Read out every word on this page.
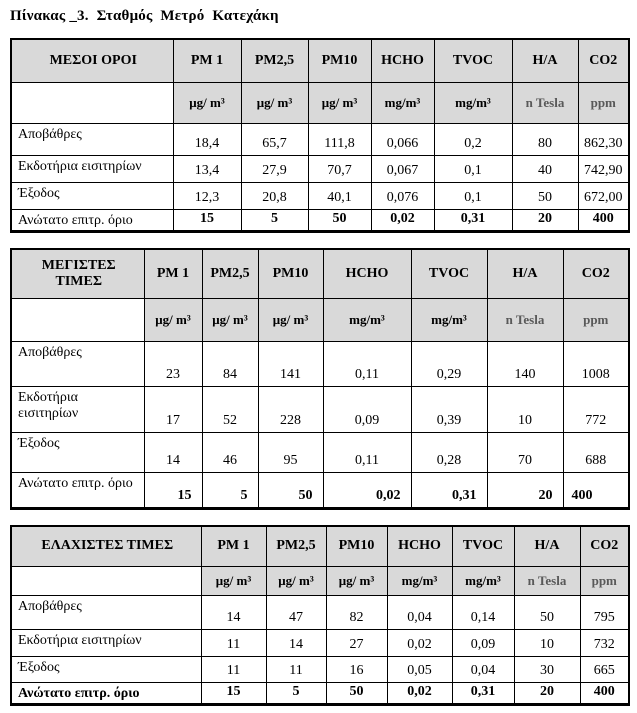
Πίνακας _3.  Σταθμός  Μετρό  Κατεχάκη
ΜΕΣΟΙ ΟΡΟΙ	PM 1	PM2,5	PM10	HCHO	TVOC	H/A	CO2
	μg/ m³	μg/ m³	μg/ m³	mg/m³	mg/m³	n Tesla	ppm
Αποβάθρες	18,4	65,7	111,8	0,066	0,2	80	862,30
Εκδοτήρια εισιτηρίων	13,4	27,9	70,7	0,067	0,1	40	742,90
Έξοδος	12,3	20,8	40,1	0,076	0,1	50	672,00
Ανώτατο επιτρ. όριο	15	5	50	0,02	0,31	20	400
ΜΕΓΙΣΤΕΣ ΤΙΜΕΣ	PM 1	PM2,5	PM10	HCHO	TVOC	H/A	CO2
	μg/ m³	μg/ m³	μg/ m³	mg/m³	mg/m³	n Tesla	ppm
Αποβάθρες	23	84	141	0,11	0,29	140	1008
Εκδοτήρια εισιτηρίων	17	52	228	0,09	0,39	10	772
Έξοδος	14	46	95	0,11	0,28	70	688
Ανώτατο επιτρ. όριο	15	5	50	0,02	0,31	20	400
ΕΛΑΧΙΣΤΕΣ ΤΙΜΕΣ	PM 1	PM2,5	PM10	HCHO	TVOC	H/A	CO2
	μg/ m³	μg/ m³	μg/ m³	mg/m³	mg/m³	n Tesla	ppm
Αποβάθρες	14	47	82	0,04	0,14	50	795
Εκδοτήρια εισιτηρίων	11	14	27	0,02	0,09	10	732
Έξοδος	11	11	16	0,05	0,04	30	665
Ανώτατο επιτρ. όριο	15	5	50	0,02	0,31	20	400
